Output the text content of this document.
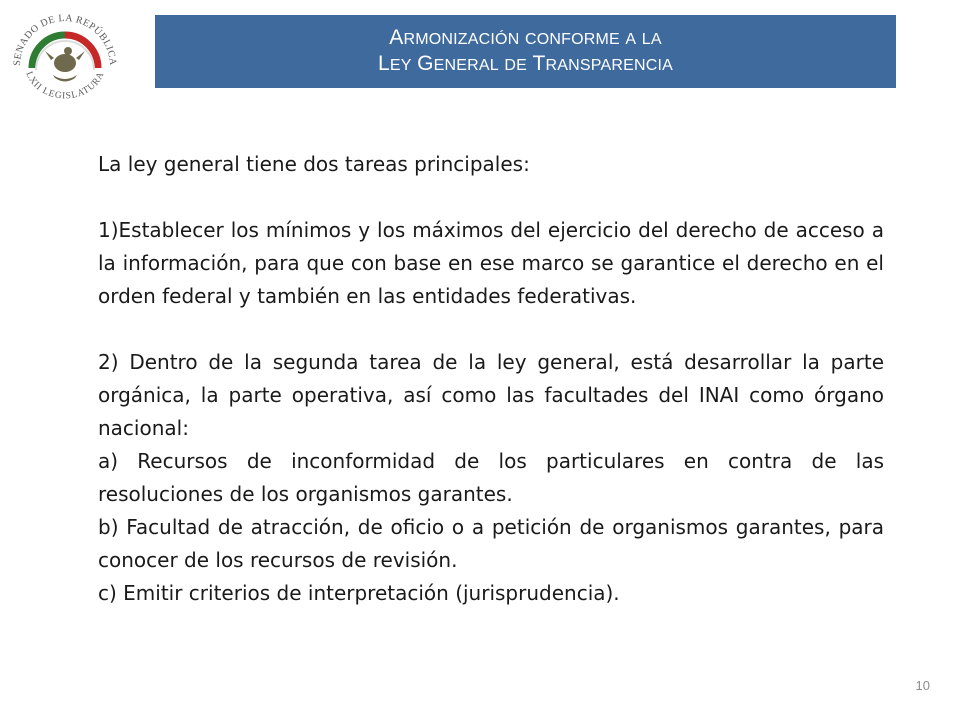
SENADO DE LA REPÚBLICA
LXII LEGISLATURA
ARMONIZACIÓN CONFORME A LA
LEY GENERAL DE TRANSPARENCIA

La ley general tiene dos tareas principales:

1)Establecer los mínimos y los máximos del ejercicio del derecho de acceso a la información, para que con base en ese marco se garantice el derecho en el orden federal y también en las entidades federativas.

2) Dentro de la segunda tarea de la ley general, está desarrollar la parte orgánica, la parte operativa, así como las facultades del INAI como órgano nacional:

a) Recursos de inconformidad de los particulares en contra de las resoluciones de los organismos garantes.

b) Facultad de atracción, de oficio o a petición de organismos garantes, para conocer de los recursos de revisión.

c) Emitir criterios de interpretación (jurisprudencia).

10
